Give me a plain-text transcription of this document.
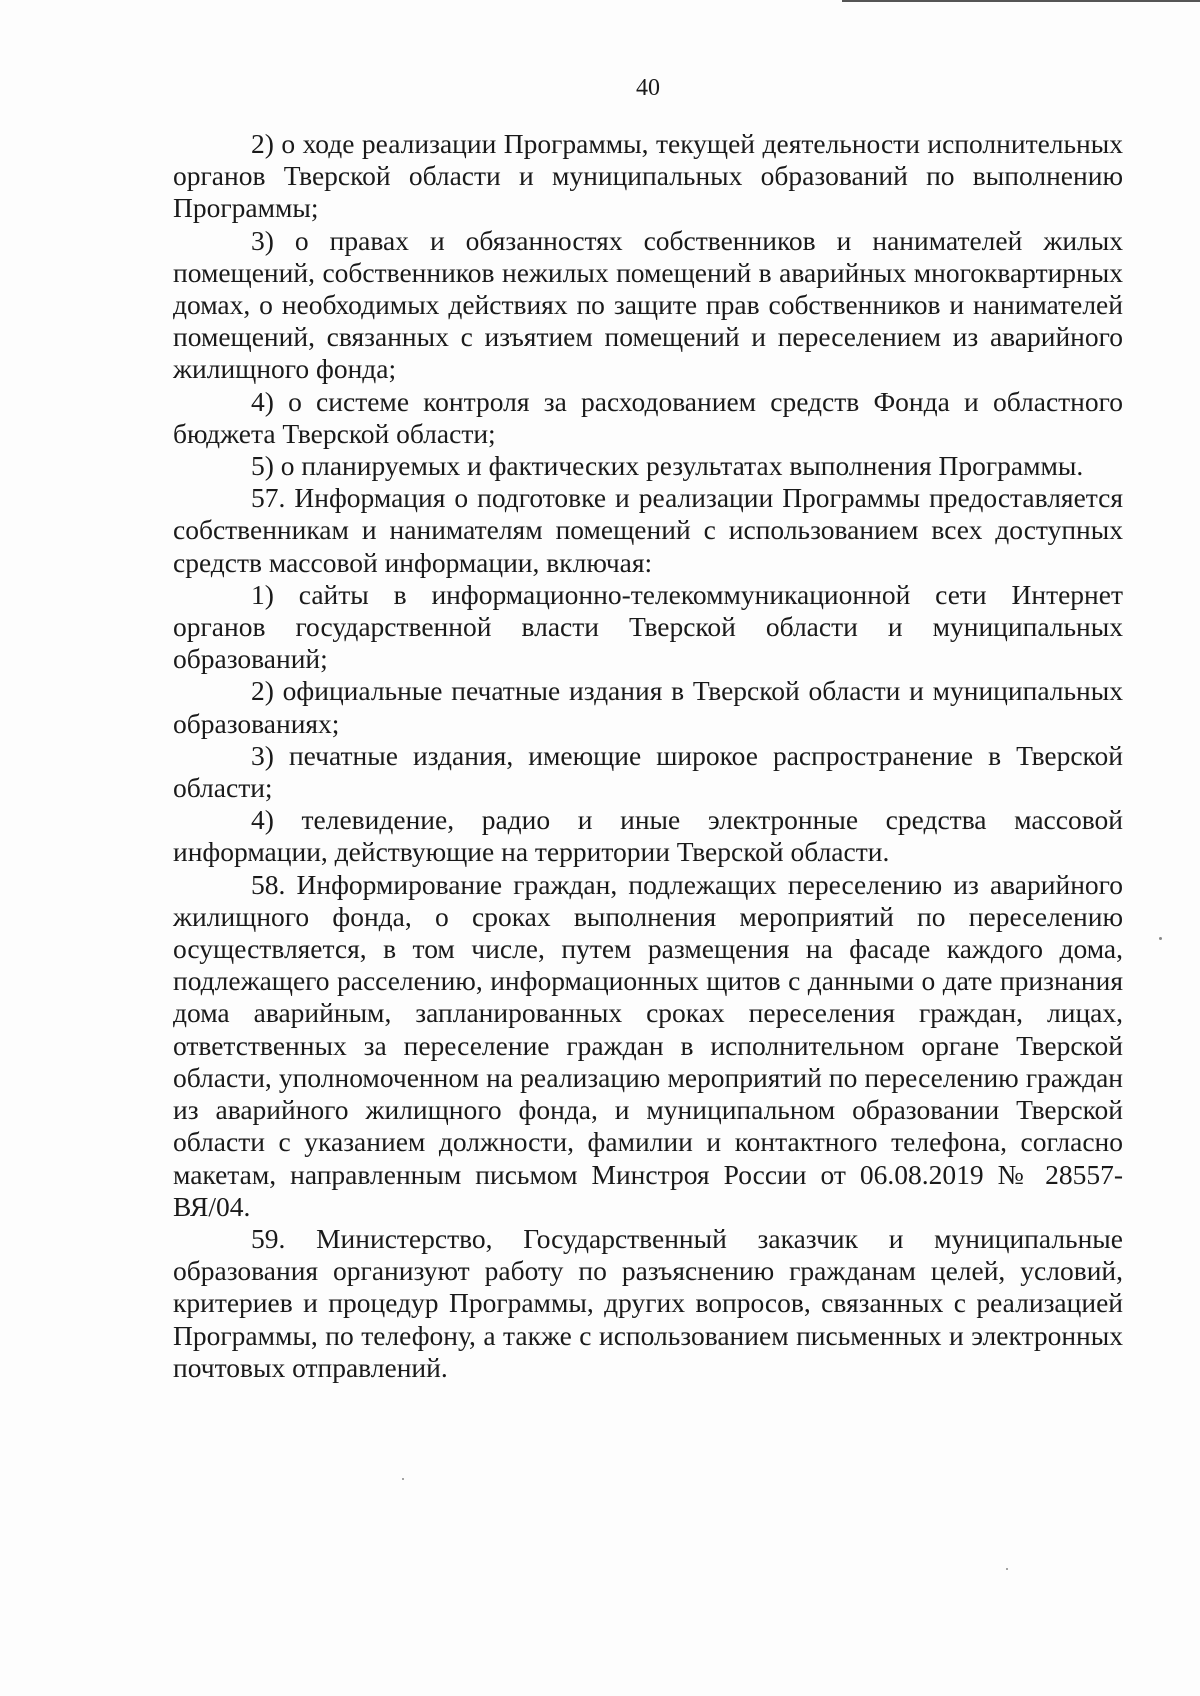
40

2) о ходе реализации Программы, текущей деятельности исполнительных органов Тверской области и муниципальных образований по выполнению Программы;

3) о правах и обязанностях собственников и нанимателей жилых помещений, собственников нежилых помещений в аварийных многоквартирных домах, о необходимых действиях по защите прав собственников и нанимателей помещений, связанных с изъятием помещений и переселением из аварийного жилищного фонда;

4) о системе контроля за расходованием средств Фонда и областного бюджета Тверской области;

5) о планируемых и фактических результатах выполнения Программы.

57. Информация о подготовке и реализации Программы предоставляется собственникам и нанимателям помещений с использованием всех доступных средств массовой информации, включая:

1) сайты в информационно-телекоммуникационной сети Интернет органов государственной власти Тверской области и муниципальных образований;

2) официальные печатные издания в Тверской области и муниципальных образованиях;

3) печатные издания, имеющие широкое распространение в Тверской области;

4) телевидение, радио и иные электронные средства массовой информации, действующие на территории Тверской области.

58. Информирование граждан, подлежащих переселению из аварийного жилищного фонда, о сроках выполнения мероприятий по переселению осуществляется, в том числе, путем размещения на фасаде каждого дома, подлежащего расселению, информационных щитов с данными о дате признания дома аварийным, запланированных сроках переселения граждан, лицах, ответственных за переселение граждан в исполнительном органе Тверской области, уполномоченном на реализацию мероприятий по переселению граждан из аварийного жилищного фонда, и муниципальном образовании Тверской области с указанием должности, фамилии и контактного телефона, согласно макетам, направленным письмом Минстроя России от 06.08.2019 № 28557-ВЯ/04.

59. Министерство, Государственный заказчик и муниципальные образования организуют работу по разъяснению гражданам целей, условий, критериев и процедур Программы, других вопросов, связанных с реализацией Программы, по телефону, а также с использованием письменных и электронных почтовых отправлений.
